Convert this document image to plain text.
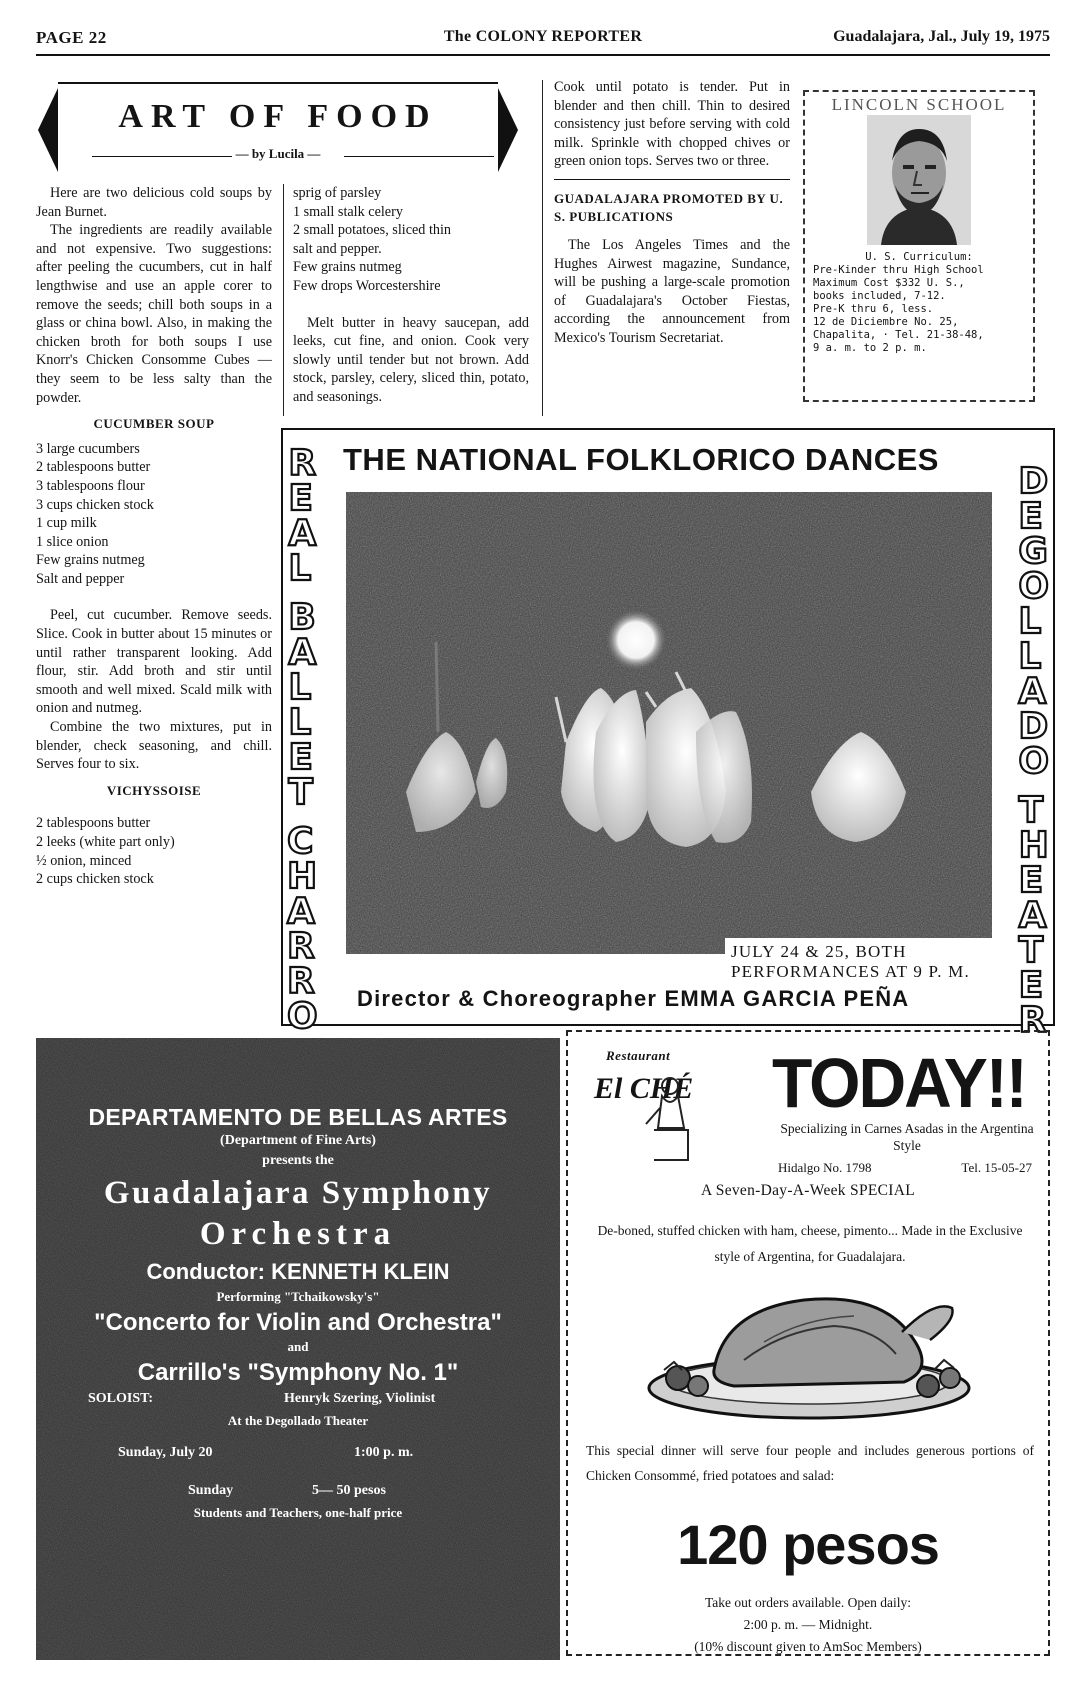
PAGE 22	The COLONY REPORTER	Guadalajara, Jal., July 19, 1975
ART OF FOOD
— by Lucila —

Here are two delicious cold soups by Jean Burnet.

The ingredients are readily available and not expensive. Two suggestions: after peeling the cucumbers, cut in half lengthwise and use an apple corer to remove the seeds; chill both soups in a glass or china bowl. Also, in making the chicken broth for both soups I use Knorr's Chicken Consomme Cubes — they seem to be less salty than the powder.

CUCUMBER SOUP
3 large cucumbers
2 tablespoons butter
3 tablespoons flour
3 cups chicken stock
1 cup milk
1 slice onion
Few grains nutmeg
Salt and pepper

Peel, cut cucumber. Remove seeds. Slice. Cook in butter about 15 minutes or until rather transparent looking. Add flour, stir. Add broth and stir until smooth and well mixed. Scald milk with onion and nutmeg.

Combine the two mixtures, put in blender, check seasoning, and chill. Serves four to six.

VICHYSSOISE
2 tablespoons butter
2 leeks (white part only)
½ onion, minced
2 cups chicken stock
sprig of parsley
1 small stalk celery
2 small potatoes, sliced thin
salt and pepper.
Few grains nutmeg
Few drops Worcestershire

Melt butter in heavy saucepan, add leeks, cut fine, and onion. Cook very slowly until tender but not brown. Add stock, parsley, celery, sliced thin, potato, and seasonings.

Cook until potato is tender. Put in blender and then chill. Thin to desired consistency just before serving with cold milk. Sprinkle with chopped chives or green onion tops. Serves two or three.

GUADALAJARA PROMOTED BY U. S. PUBLICATIONS

The Los Angeles Times and the Hughes Airwest magazine, Sundance, will be pushing a large-scale promotion of Guadalajara's October Fiestas, according the announcement from Mexico's Tourism Secretariat.

LINCOLN SCHOOL
U. S. Curriculum:
Pre-Kinder thru High School
Maximum Cost $332 U. S.,
books included, 7-12.
Pre-K thru 6, less.
12 de Diciembre No. 25,
Chapalita, · Tel. 21-38-48,
9 a. m. to 2 p. m.
THE NATIONAL FOLKLORICO DANCES
R
E
A
L
B
A
L
L
E
T
C
H
A
R
R
O
D
E
G
O
L
L
A
D
O
T
H
E
A
T
E
R
JULY 24 & 25, BOTH PERFORMANCES AT 9 P. M.
Director & Choreographer EMMA GARCIA PEÑA
DEPARTAMENTO DE BELLAS ARTES
(Department of Fine Arts)
presents the
Guadalajara Symphony
Orchestra
Conductor: KENNETH KLEIN
Performing "Tchaikowsky's"
"Concerto for Violin and Orchestra"
and
Carrillo's "Symphony No. 1"
SOLOIST:	Henryk Szering, Violinist
At the Degollado Theater
Sunday, July 20	1:00 p. m.
Sunday	5— 50 pesos
Students and Teachers, one-half price
Restaurant
El CHÉ TODAY!!
Specializing in Carnes Asadas in the Argentina Style
Hidalgo No. 1798	Tel. 15-05-27
A Seven-Day-A-Week SPECIAL
De-boned, stuffed chicken with ham, cheese, pimento... Made in the Exclusive style of Argentina, for Guadalajara.
This special dinner will serve four people and includes generous portions of Chicken Consommé, fried potatoes and salad:
120 pesos
Take out orders available. Open daily:
2:00 p. m. — Midnight.
(10% discount given to AmSoc Members)
